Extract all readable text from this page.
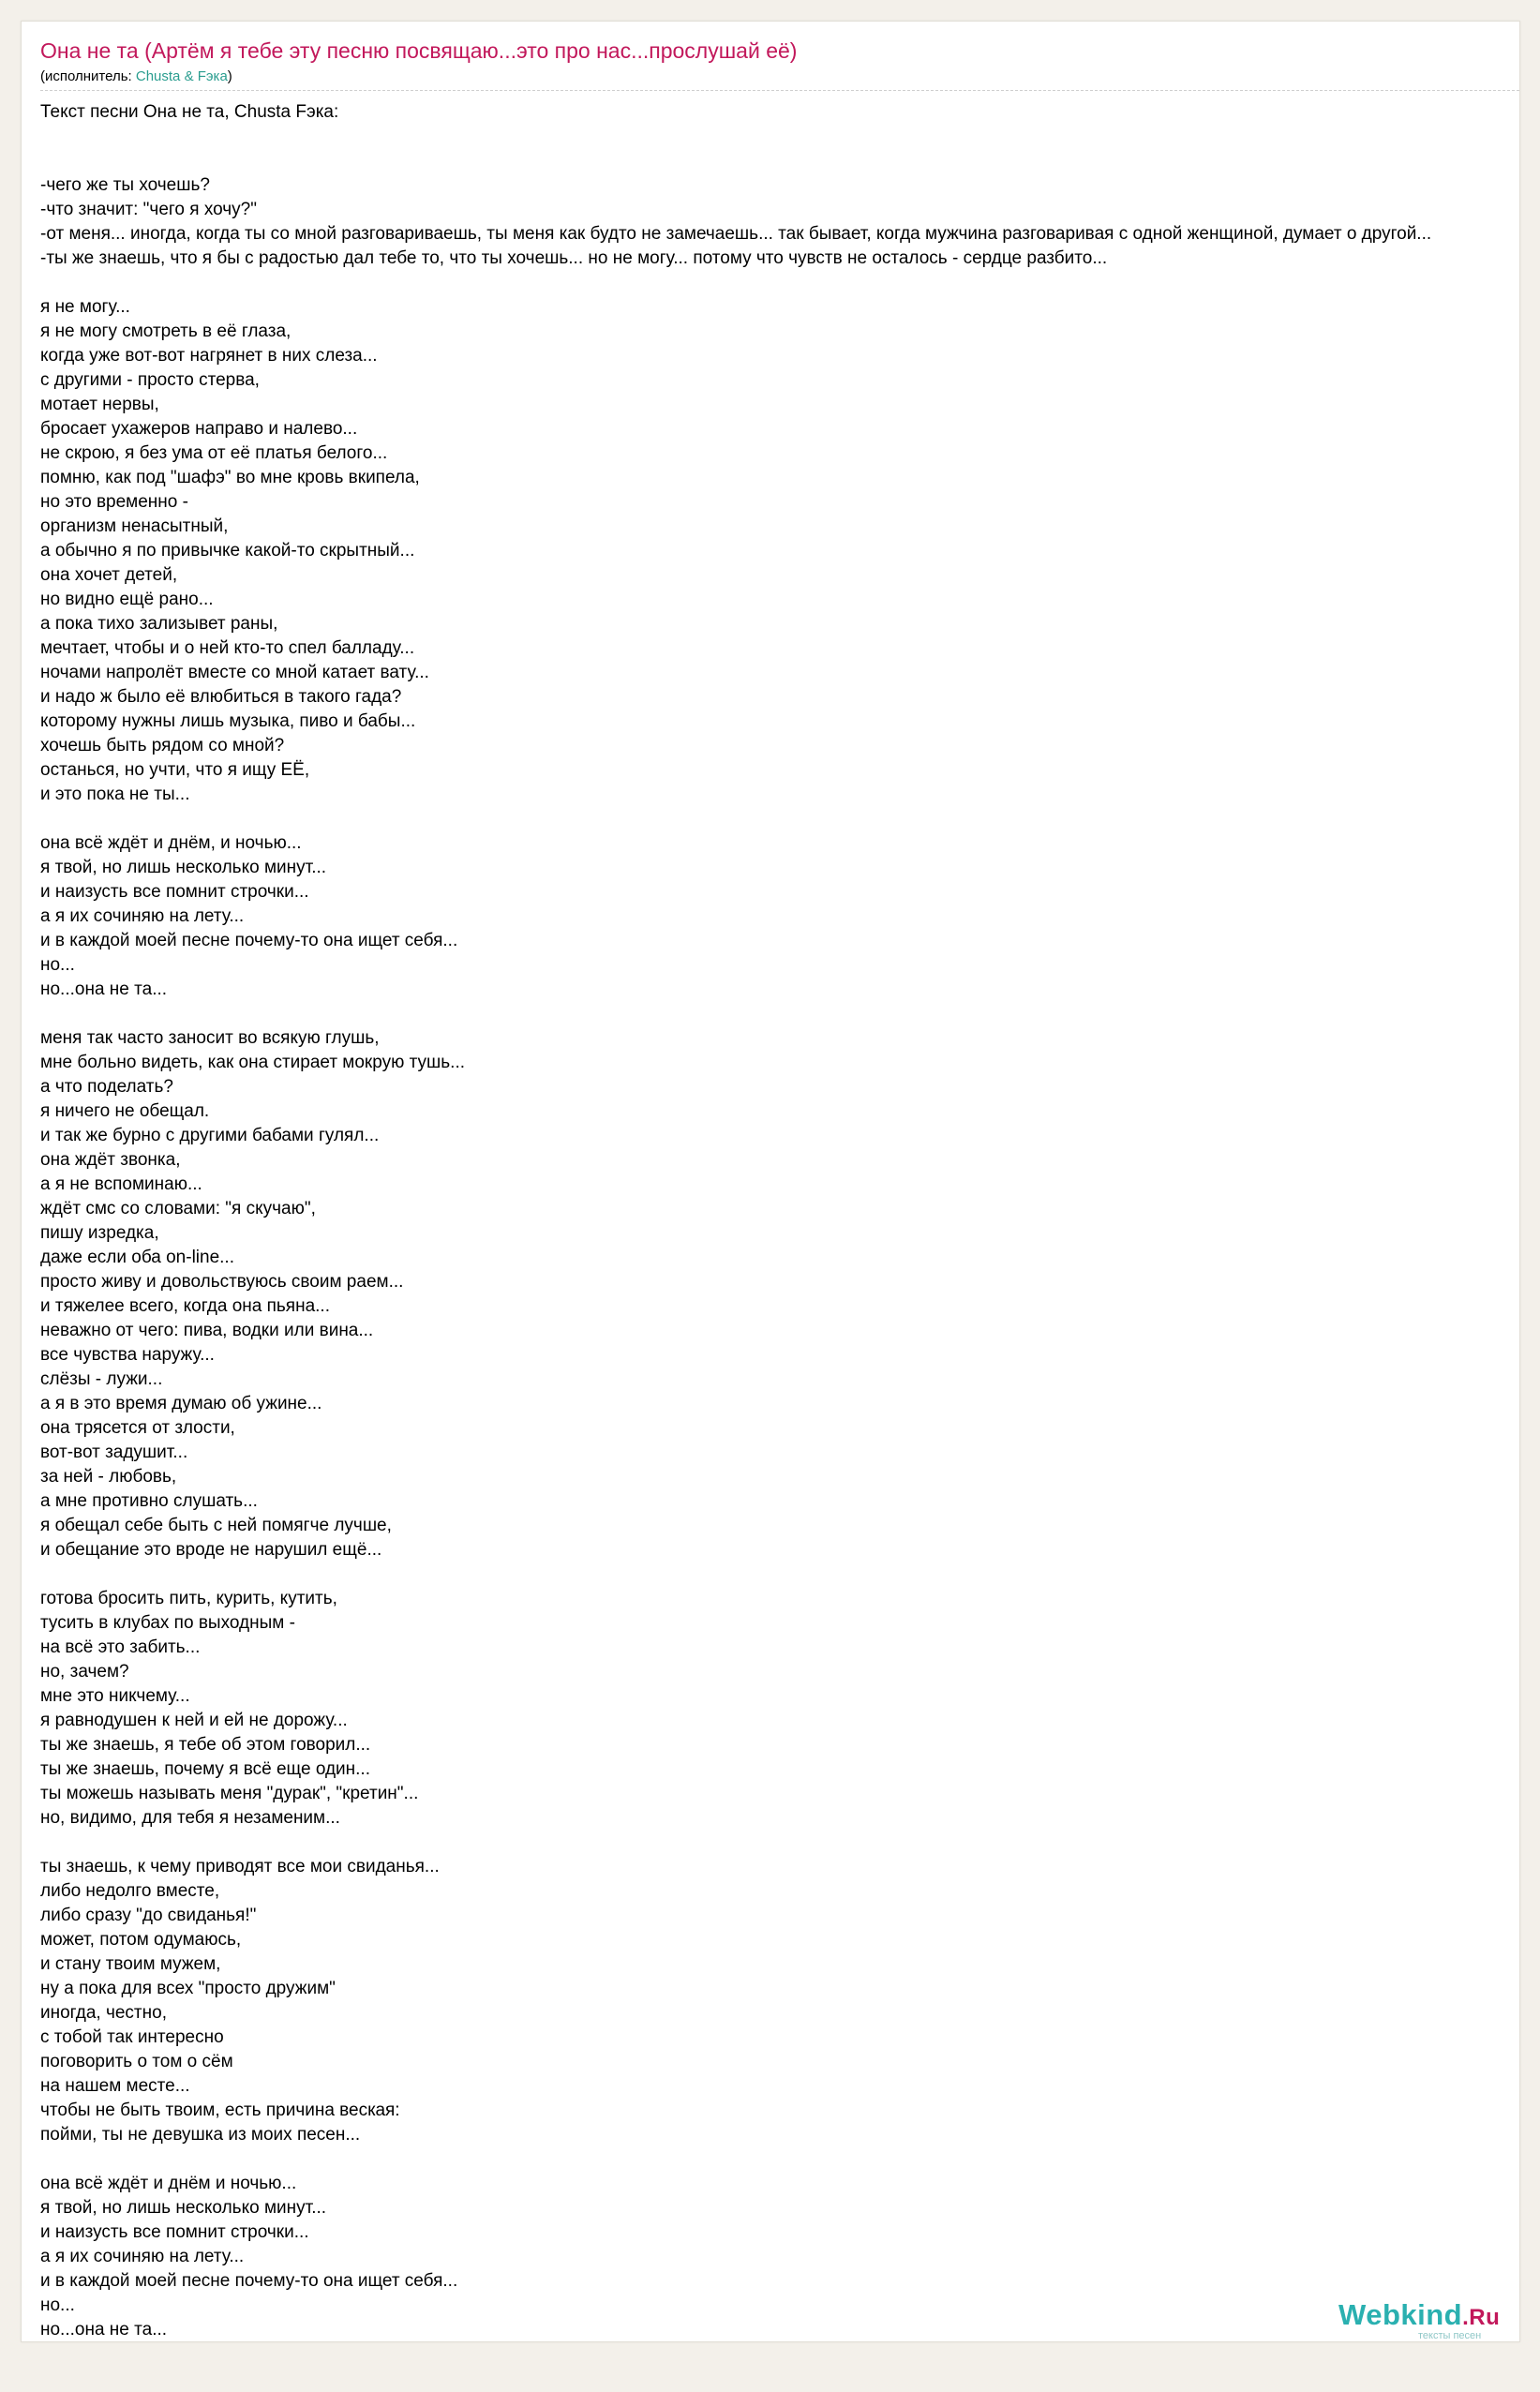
Она не та (Артём я тебе эту песню посвящаю...это про нас...прослушай её)
(исполнитель: Chusta & Fэка)
Текст песни Она не та, Chusta Fэка:
-чего же ты хочешь?
-что значит: "чего я хочу?"
-от меня... иногда, когда ты со мной разговариваешь, ты меня как будто не замечаешь... так бывает, когда мужчина разговаривая с одной женщиной, думает о другой...
-ты же знаешь, что я бы с радостью дал тебе то, что ты хочешь... но не могу... потому что чувств не осталось - сердце разбито...
я не могу...
я не могу смотреть в её глаза,
когда уже вот-вот нагрянет в них слеза...
с другими - просто стерва,
мотает нервы,
бросает ухажеров направо и налево...
не скрою, я без ума от её платья белого...
помню, как под "шафэ" во мне кровь вкипела,
но это временно -
организм ненасытный,
а обычно я по привычке какой-то скрытный...
она хочет детей,
но видно ещё рано...
а пока тихо зализывет раны,
мечтает, чтобы и о ней кто-то спел балладу...
ночами напролёт вместе со мной катает вату...
и надо ж было её влюбиться в такого гада?
которому нужны лишь музыка, пиво и бабы...
хочешь быть рядом со мной?
останься, но учти, что я ищу ЕЁ,
и это пока не ты...
она всё ждёт и днём, и ночью...
я твой, но лишь несколько минут...
и наизусть все помнит строчки...
а я их сочиняю на лету...
и в каждой моей песне почему-то она ищет себя...
но...
но...она не та...
меня так часто заносит во всякую глушь,
мне больно видеть, как она стирает мокрую тушь...
а что поделать?
я ничего не обещал.
и так же бурно с другими бабами гулял...
она ждёт звонка,
а я не вспоминаю...
ждёт смс со словами: "я скучаю",
пишу изредка,
даже если оба on-line...
просто живу и довольствуюсь своим раем...
и тяжелее всего, когда она пьяна...
неважно от чего: пива, водки или вина...
все чувства наружу...
слёзы - лужи...
а я в это время думаю об ужине...
она трясется от злости,
вот-вот задушит...
за ней - любовь,
а мне противно слушать...
я обещал себе быть с ней помягче лучше,
и обещание это вроде не нарушил ещё...
готова бросить пить, курить, кутить,
тусить в клубах по выходным -
на всё это забить...
но, зачем?
мне это никчему...
я равнодушен к ней и ей не дорожу...
ты же знаешь, я тебе об этом говорил...
ты же знаешь, почему я всё еще один...
ты можешь называть меня "дурак", "кретин"...
но, видимо, для тебя я незаменим...
ты знаешь, к чему приводят все мои свиданья...
либо недолго вместе,
либо сразу "до свиданья!"
может, потом одумаюсь,
и стану твоим мужем,
ну а пока для всех "просто дружим"
иногда, честно,
с тобой так интересно
поговорить о том о сём
на нашем месте...
чтобы не быть твоим, есть причина вескaя:
пойми, ты не девушка из моих песен...
она всё ждёт и днём и ночью...
я твой, но лишь несколько минут...
и наизусть все помнит строчки...
а я их сочиняю на лету...
и в каждой моей песне почему-то она ищет себя...
но...
но...она не та...	Webkind.Ru
тексты песен
